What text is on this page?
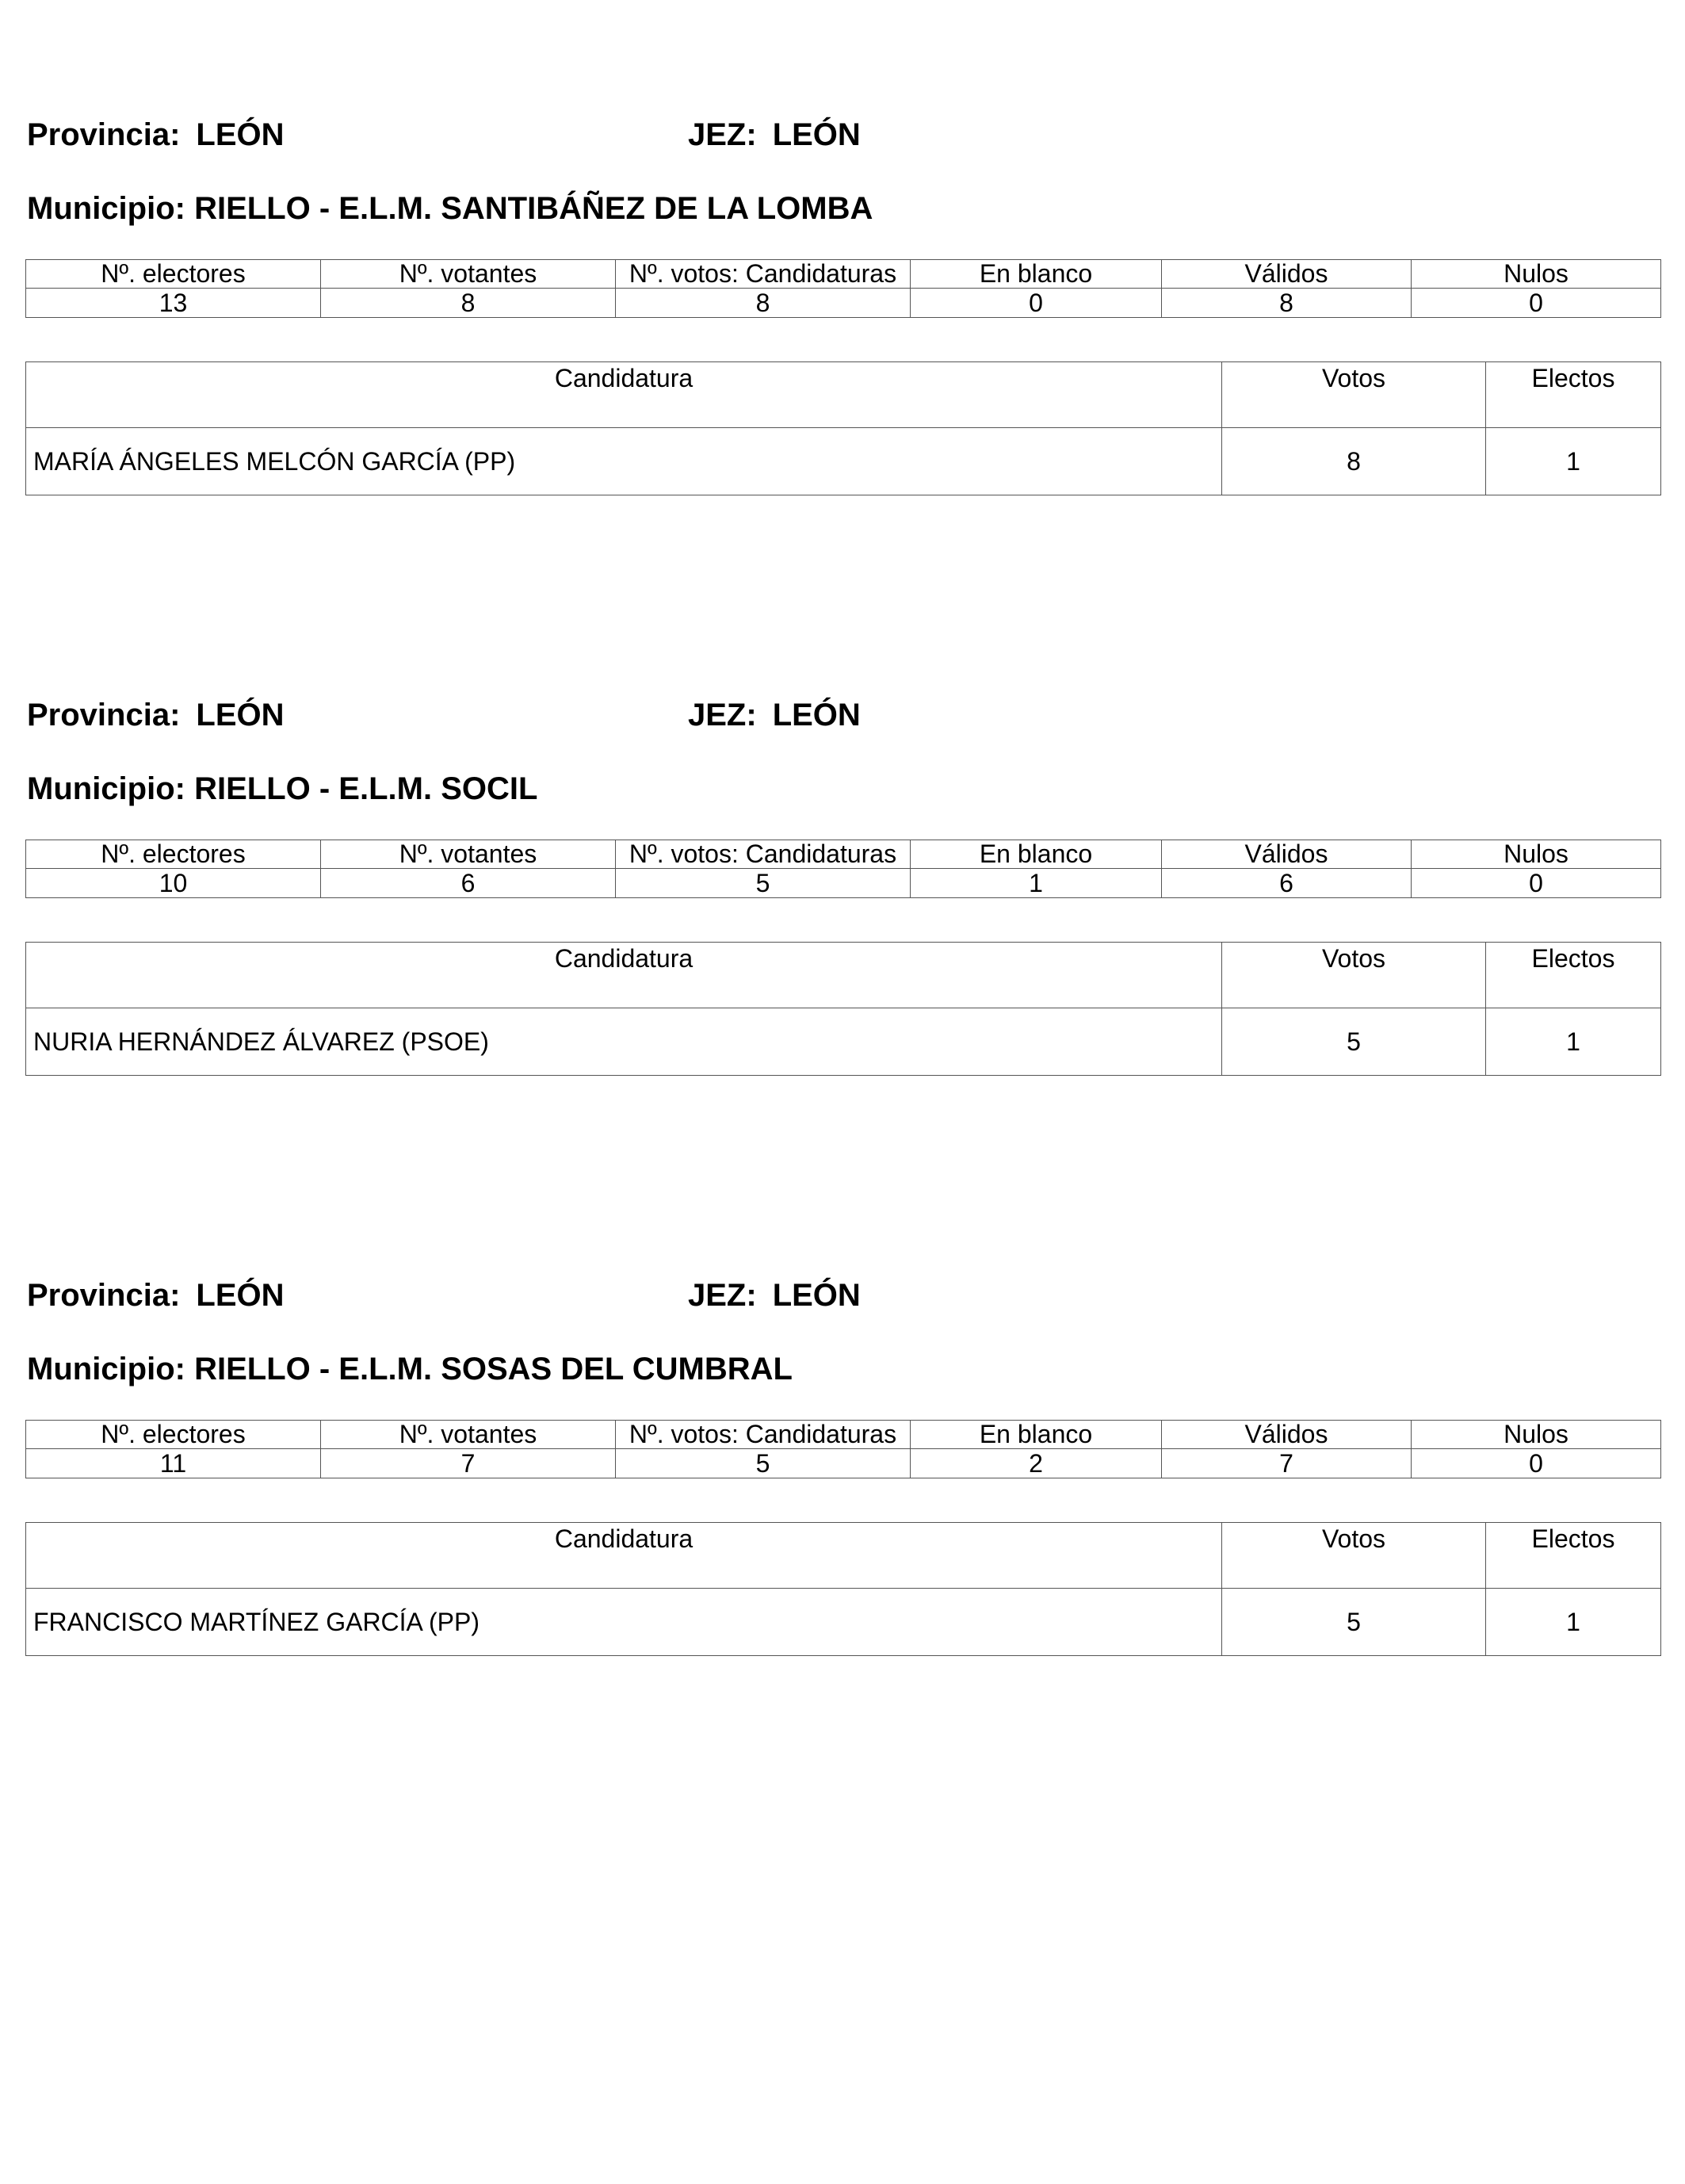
Provincia: LEÓN	JEZ: LEÓN
Municipio: RIELLO - E.L.M. SANTIBÁÑEZ DE LA LOMBA
Nº. electores	Nº. votantes	Nº. votos: Candidaturas	En blanco	Válidos	Nulos
13	8	8	0	8	0
Candidatura	Votos	Electos
MARÍA ÁNGELES MELCÓN GARCÍA (PP)	8	1
Provincia: LEÓN	JEZ: LEÓN
Municipio: RIELLO - E.L.M. SOCIL
Nº. electores	Nº. votantes	Nº. votos: Candidaturas	En blanco	Válidos	Nulos
10	6	5	1	6	0
Candidatura	Votos	Electos
NURIA HERNÁNDEZ ÁLVAREZ (PSOE)	5	1
Provincia: LEÓN	JEZ: LEÓN
Municipio: RIELLO - E.L.M. SOSAS DEL CUMBRAL
Nº. electores	Nº. votantes	Nº. votos: Candidaturas	En blanco	Válidos	Nulos
11	7	5	2	7	0
Candidatura	Votos	Electos
FRANCISCO MARTÍNEZ GARCÍA (PP)	5	1
